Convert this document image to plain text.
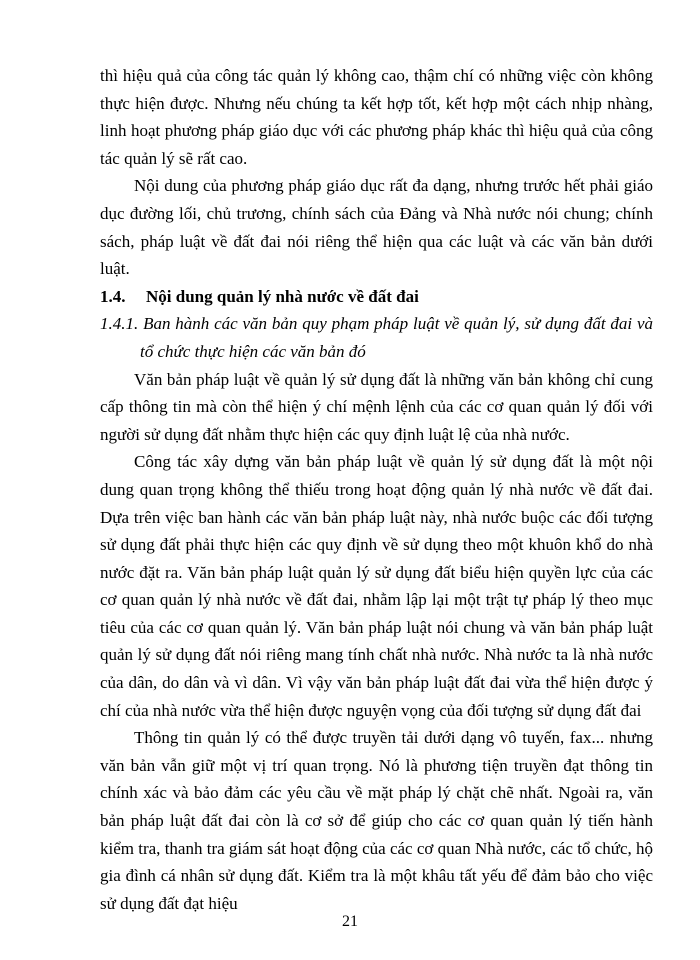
thì hiệu quả của công tác quản lý không cao, thậm chí có những việc còn không thực hiện được. Nhưng nếu chúng ta kết hợp tốt, kết hợp một cách nhịp nhàng, linh hoạt phương pháp giáo dục với các phương pháp khác thì hiệu quả của công tác quản lý sẽ rất cao.

Nội dung của phương pháp giáo dục rất đa dạng, nhưng trước hết phải giáo dục đường lối, chủ trương, chính sách của Đảng và Nhà nước nói chung; chính sách, pháp luật về đất đai nói riêng thể hiện qua các luật và các văn bản dưới luật.

1.4.	Nội dung quản lý nhà nước về đất đai

1.4.1. Ban hành các văn bản quy phạm pháp luật về quản lý, sử dụng đất đai và tổ chức thực hiện các văn bản đó

Văn bản pháp luật về quản lý sử dụng đất là những văn bản không chỉ cung cấp thông tin mà còn thể hiện ý chí mệnh lệnh của các cơ quan quản lý đối với người sử dụng đất nhằm thực hiện các quy định luật lệ của nhà nước.

Công tác xây dựng văn bản pháp luật về quản lý sử dụng đất là một nội dung quan trọng không thể thiếu trong hoạt động quản lý nhà nước về đất đai. Dựa trên việc ban hành các văn bản pháp luật này, nhà nước buộc các đối tượng sử dụng đất phải thực hiện các quy định về sử dụng theo một khuôn khổ do nhà nước đặt ra. Văn bản pháp luật quản lý sử dụng đất biểu hiện quyền lực của các cơ quan quản lý nhà nước về đất đai, nhằm lập lại một trật tự pháp lý theo mục tiêu của các cơ quan quản lý. Văn bản pháp luật nói chung và văn bản pháp luật quản lý sử dụng đất nói riêng mang tính chất nhà nước. Nhà nước ta là nhà nước của dân, do dân và vì dân. Vì vậy văn bản pháp luật đất đai vừa thể hiện được ý chí của nhà nước vừa thể hiện được nguyện vọng của đối tượng sử dụng đất đai

Thông tin quản lý có thể được truyền tải dưới dạng vô tuyến, fax... nhưng văn bản vẫn giữ một vị trí quan trọng. Nó là phương tiện truyền đạt thông tin chính xác và bảo đảm các yêu cầu về mặt pháp lý chặt chẽ nhất. Ngoài ra, văn bản pháp luật đất đai còn là cơ sở để giúp cho các cơ quan quản lý tiến hành kiểm tra, thanh tra giám sát hoạt động của các cơ quan Nhà nước, các tổ chức, hộ gia đình cá nhân sử dụng đất. Kiểm tra là một khâu tất yếu để đảm bảo cho việc sử dụng đất đạt hiệu

21
